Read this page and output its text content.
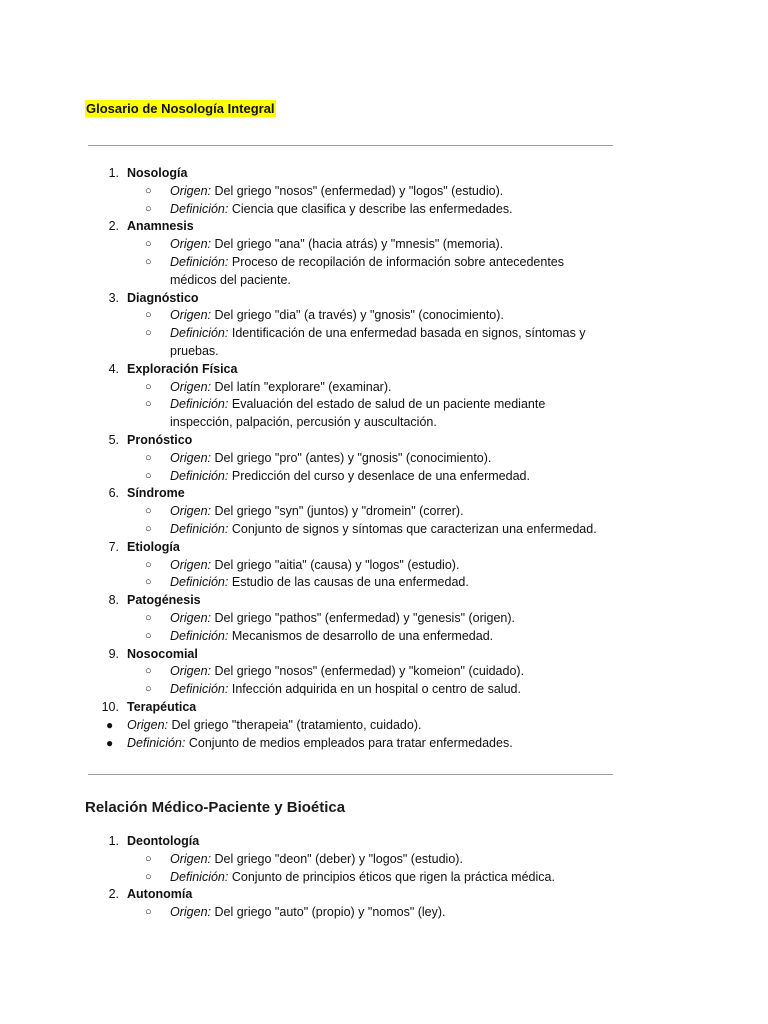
Glosario de Nosología Integral
1. Nosología
○ Origen: Del griego "nosos" (enfermedad) y "logos" (estudio).
○ Definición: Ciencia que clasifica y describe las enfermedades.
2. Anamnesis
○ Origen: Del griego "ana" (hacia atrás) y "mnesis" (memoria).
○ Definición: Proceso de recopilación de información sobre antecedentes médicos del paciente.
3. Diagnóstico
○ Origen: Del griego "dia" (a través) y "gnosis" (conocimiento).
○ Definición: Identificación de una enfermedad basada en signos, síntomas y pruebas.
4. Exploración Física
○ Origen: Del latín "explorare" (examinar).
○ Definición: Evaluación del estado de salud de un paciente mediante inspección, palpación, percusión y auscultación.
5. Pronóstico
○ Origen: Del griego "pro" (antes) y "gnosis" (conocimiento).
○ Definición: Predicción del curso y desenlace de una enfermedad.
6. Síndrome
○ Origen: Del griego "syn" (juntos) y "dromein" (correr).
○ Definición: Conjunto de signos y síntomas que caracterizan una enfermedad.
7. Etiología
○ Origen: Del griego "aitia" (causa) y "logos" (estudio).
○ Definición: Estudio de las causas de una enfermedad.
8. Patogénesis
○ Origen: Del griego "pathos" (enfermedad) y "genesis" (origen).
○ Definición: Mecanismos de desarrollo de una enfermedad.
9. Nosocomial
○ Origen: Del griego "nosos" (enfermedad) y "komeion" (cuidado).
○ Definición: Infección adquirida en un hospital o centro de salud.
10. Terapéutica
● Origen: Del griego "therapeia" (tratamiento, cuidado).
● Definición: Conjunto de medios empleados para tratar enfermedades.
Relación Médico-Paciente y Bioética
1. Deontología
○ Origen: Del griego "deon" (deber) y "logos" (estudio).
○ Definición: Conjunto de principios éticos que rigen la práctica médica.
2. Autonomía
○ Origen: Del griego "auto" (propio) y "nomos" (ley).
